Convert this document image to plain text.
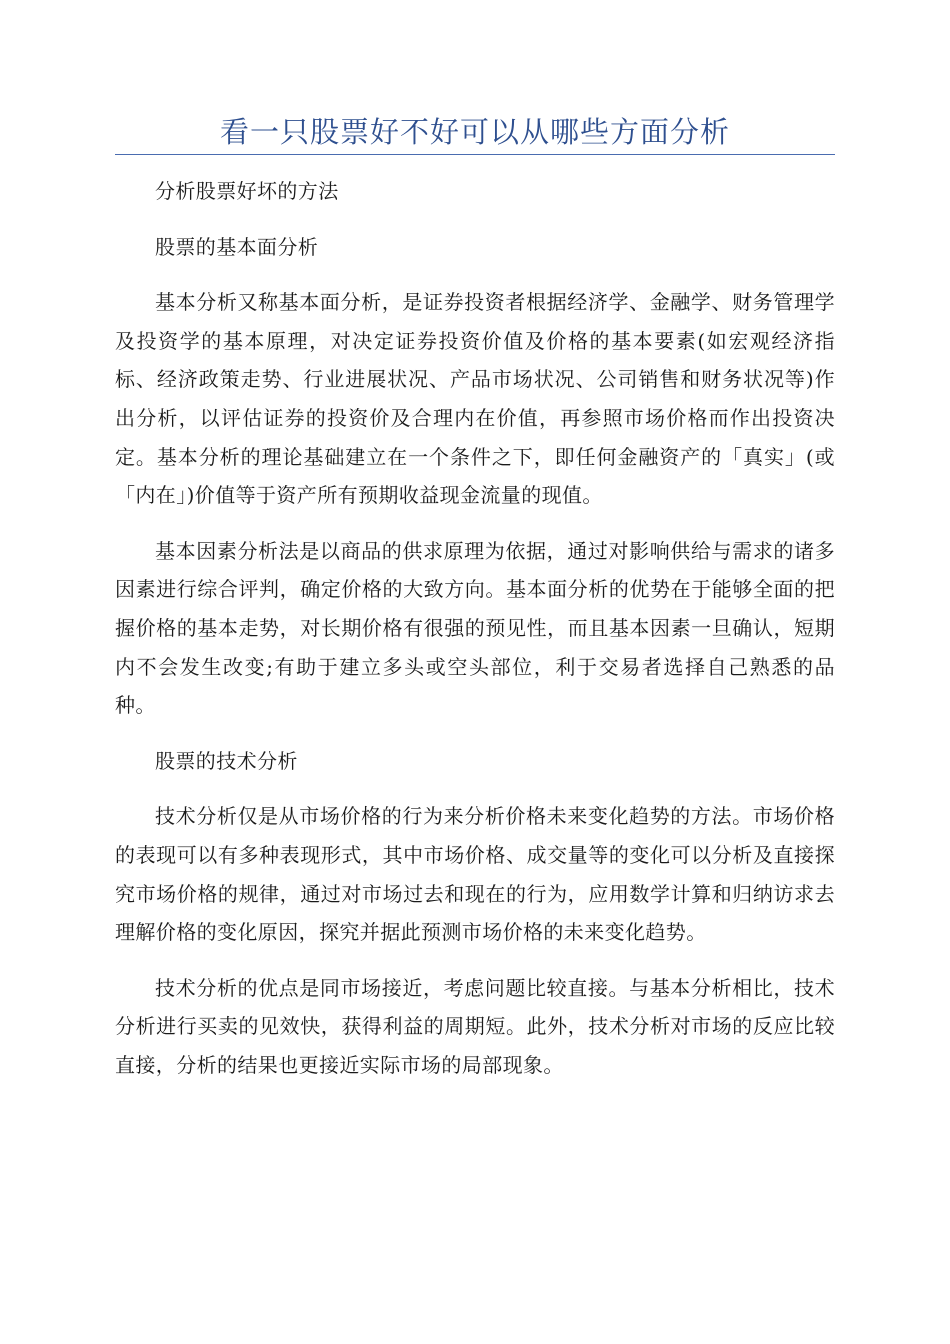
看一只股票好不好可以从哪些方面分析

分析股票好坏的方法

股票的基本面分析

基本分析又称基本面分析，是证券投资者根据经济学、金融学、财务管理学及投资学的基本原理，对决定证券投资价值及价格的基本要素(如宏观经济指标、经济政策走势、行业进展状况、产品市场状况、公司销售和财务状况等)作出分析，以评估证券的投资价及合理内在价值，再参照市场价格而作出投资决定。基本分析的理论基础建立在一个条件之下，即任何金融资产的「真实」(或「内在」)价值等于资产所有预期收益现金流量的现值。

基本因素分析法是以商品的供求原理为依据，通过对影响供给与需求的诸多因素进行综合评判，确定价格的大致方向。基本面分析的优势在于能够全面的把握价格的基本走势，对长期价格有很强的预见性，而且基本因素一旦确认，短期内不会发生改变;有助于建立多头或空头部位，利于交易者选择自己熟悉的品种。

股票的技术分析

技术分析仅是从市场价格的行为来分析价格未来变化趋势的方法。市场价格的表现可以有多种表现形式，其中市场价格、成交量等的变化可以分析及直接探究市场价格的规律，通过对市场过去和现在的行为，应用数学计算和归纳访求去理解价格的变化原因，探究并据此预测市场价格的未来变化趋势。

技术分析的优点是同市场接近，考虑问题比较直接。与基本分析相比，技术分析进行买卖的见效快，获得利益的周期短。此外，技术分析对市场的反应比较直接，分析的结果也更接近实际市场的局部现象。
